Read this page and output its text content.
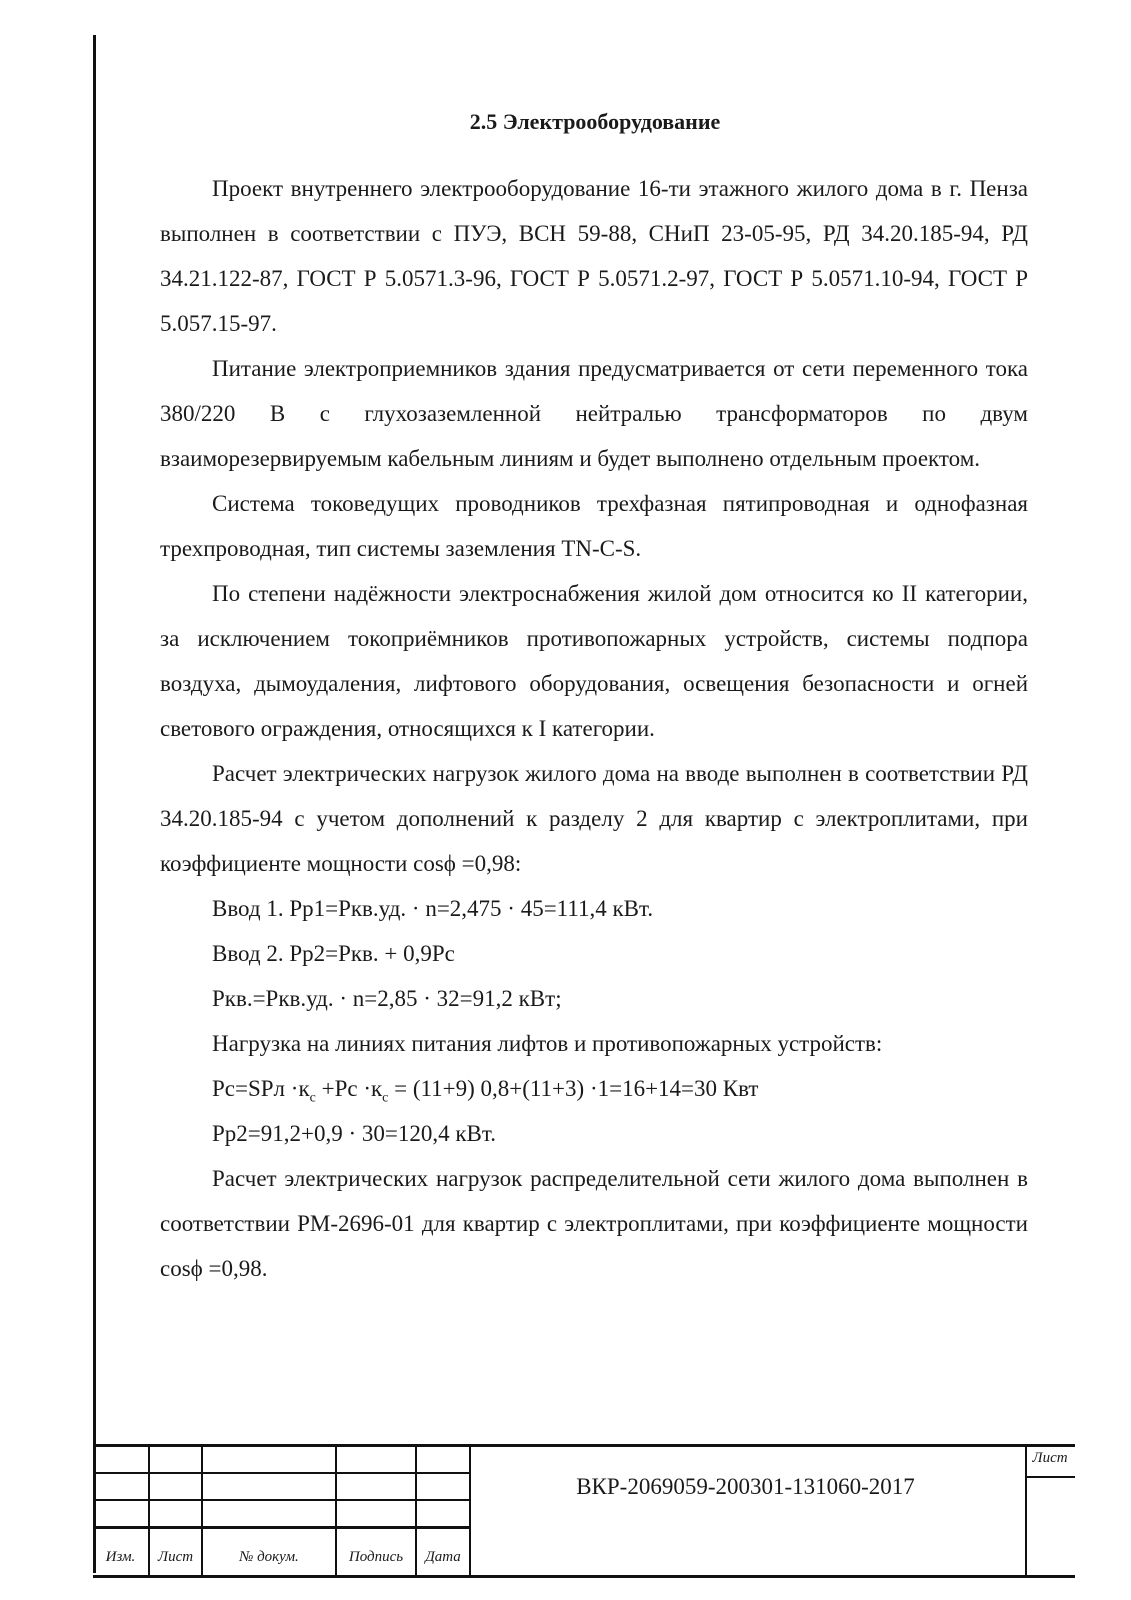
2.5 Электрооборудование

Проект внутреннего электрооборудование 16-ти этажного жилого дома в г. Пенза выполнен в соответствии с ПУЭ, ВСН 59-88, СНиП 23-05-95, РД 34.20.185-94, РД 34.21.122-87, ГОСТ Р 5.0571.3-96, ГОСТ Р 5.0571.2-97, ГОСТ Р 5.0571.10-94, ГОСТ Р 5.057.15-97.

Питание электроприемников здания предусматривается от сети переменного тока 380/220 В с глухозаземленной нейтралью трансформаторов по двум взаиморезервируемым кабельным линиям и будет выполнено отдельным проектом.

Система токоведущих проводников трехфазная пятипроводная и однофазная трехпроводная, тип системы заземления TN-C-S.

По степени надёжности электроснабжения жилой дом относится ко II категории, за исключением токоприёмников противопожарных устройств, системы подпора воздуха, дымоудаления, лифтового оборудования, освещения безопасности и огней светового ограждения, относящихся к I категории.

Расчет электрических нагрузок жилого дома на вводе выполнен в соответствии РД 34.20.185-94 с учетом дополнений к разделу 2 для квартир с электроплитами, при коэффициенте мощности cosϕ =0,98:

Ввод 1. Рр1=Ркв.уд. · n=2,475 · 45=111,4 кВт.
Ввод 2. Рр2=Ркв. + 0,9Рс
Ркв.=Ркв.уд. · n=2,85 · 32=91,2 кВт;
Нагрузка на линиях питания лифтов и противопожарных устройств:
$Рс=SРл \cdot к_с +Рс \cdot к_с = (11+9)$ 0,8+(11+3) ·1=16+14=30 Квт
Рр2=91,2+0,9 · 30=120,4 кВт.

Расчет электрических нагрузок распределительной сети жилого дома выполнен в соответствии РМ-2696-01 для квартир с электроплитами, при коэффициенте мощности cosϕ =0,98.

Изм.	Лист	№ докум.	Подпись	Дата
ВКР-2069059-200301-131060-2017
Лист
